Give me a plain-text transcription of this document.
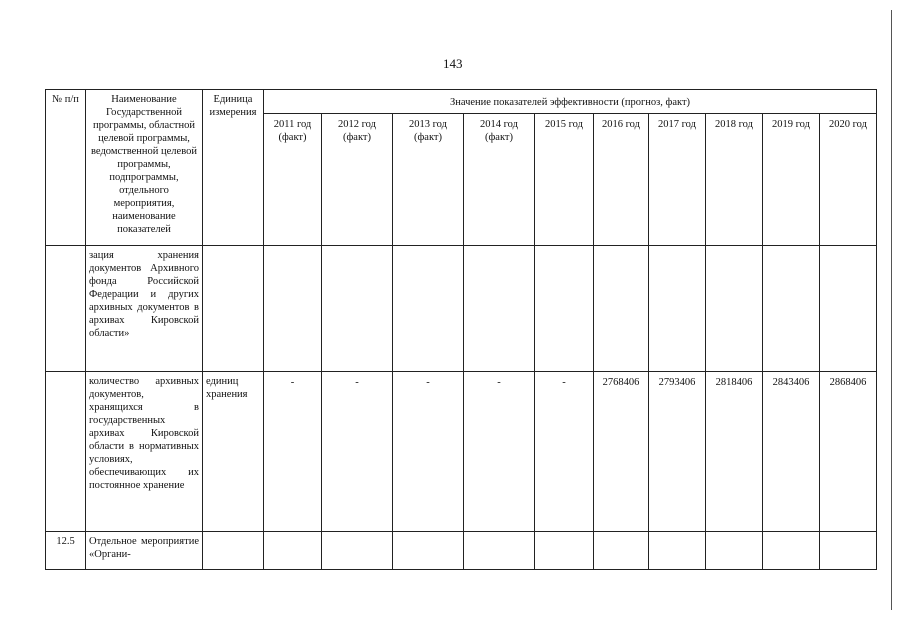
143
№ п/п	Наименование Государственной программы, областной целевой программы, ведомственной целевой программы, подпрограммы, отдельного мероприятия, наименование показателей	Единица измерения	Значение показателей эффективности (прогноз, факт)									
			2011 год (факт)	2012 год (факт)	2013 год (факт)	2014 год (факт)	2015 год	2016 год	2017 год	2018 год	2019 год	2020 год
	зация хранения документов Архивного фонда Российской Федерации и других архивных документов в архивах Кировской области»											
	количество архивных документов, хранящихся в государственных архивах Кировской области в нормативных условиях, обеспечивающих их постоянное хранение	единиц хранения	-	-	-	-	-	2768406	2793406	2818406	2843406	2868406
12.5	Отдельное мероприятие «Органи-											
